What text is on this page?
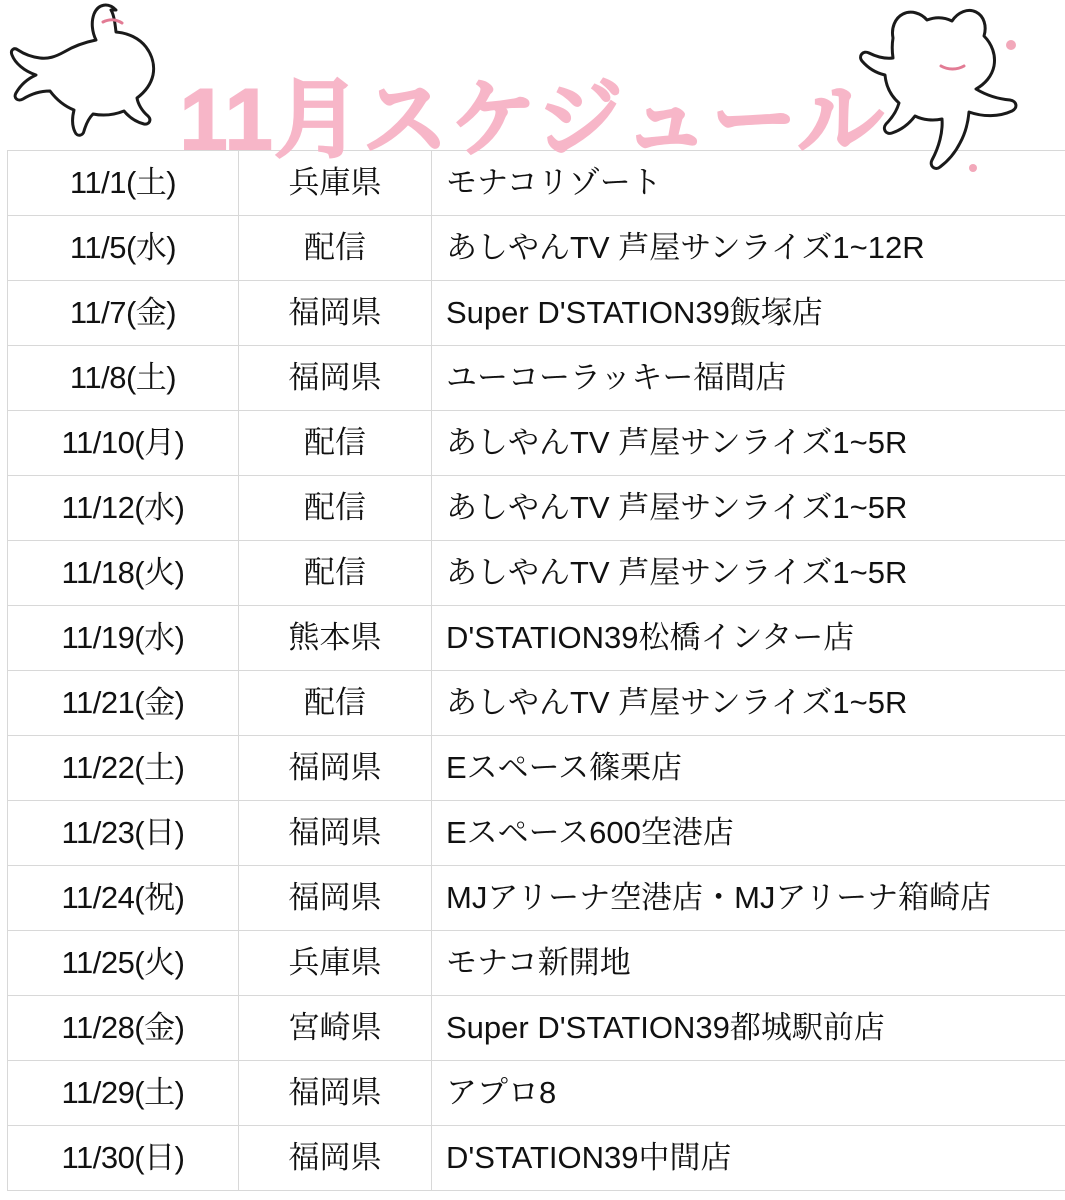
11月スケジュール
11/1(土)	兵庫県	モナコリゾート
11/5(水)	配信	あしやんTV 芦屋サンライズ1~12R
11/7(金)	福岡県	Super D'STATION39飯塚店
11/8(土)	福岡県	ユーコーラッキー福間店
11/10(月)	配信	あしやんTV 芦屋サンライズ1~5R
11/12(水)	配信	あしやんTV 芦屋サンライズ1~5R
11/18(火)	配信	あしやんTV 芦屋サンライズ1~5R
11/19(水)	熊本県	D'STATION39松橋インター店
11/21(金)	配信	あしやんTV 芦屋サンライズ1~5R
11/22(土)	福岡県	Eスペース篠栗店
11/23(日)	福岡県	Eスペース600空港店
11/24(祝)	福岡県	MJアリーナ空港店・MJアリーナ箱崎店
11/25(火)	兵庫県	モナコ新開地
11/28(金)	宮崎県	Super D'STATION39都城駅前店
11/29(土)	福岡県	アプロ8
11/30(日)	福岡県	D'STATION39中間店
